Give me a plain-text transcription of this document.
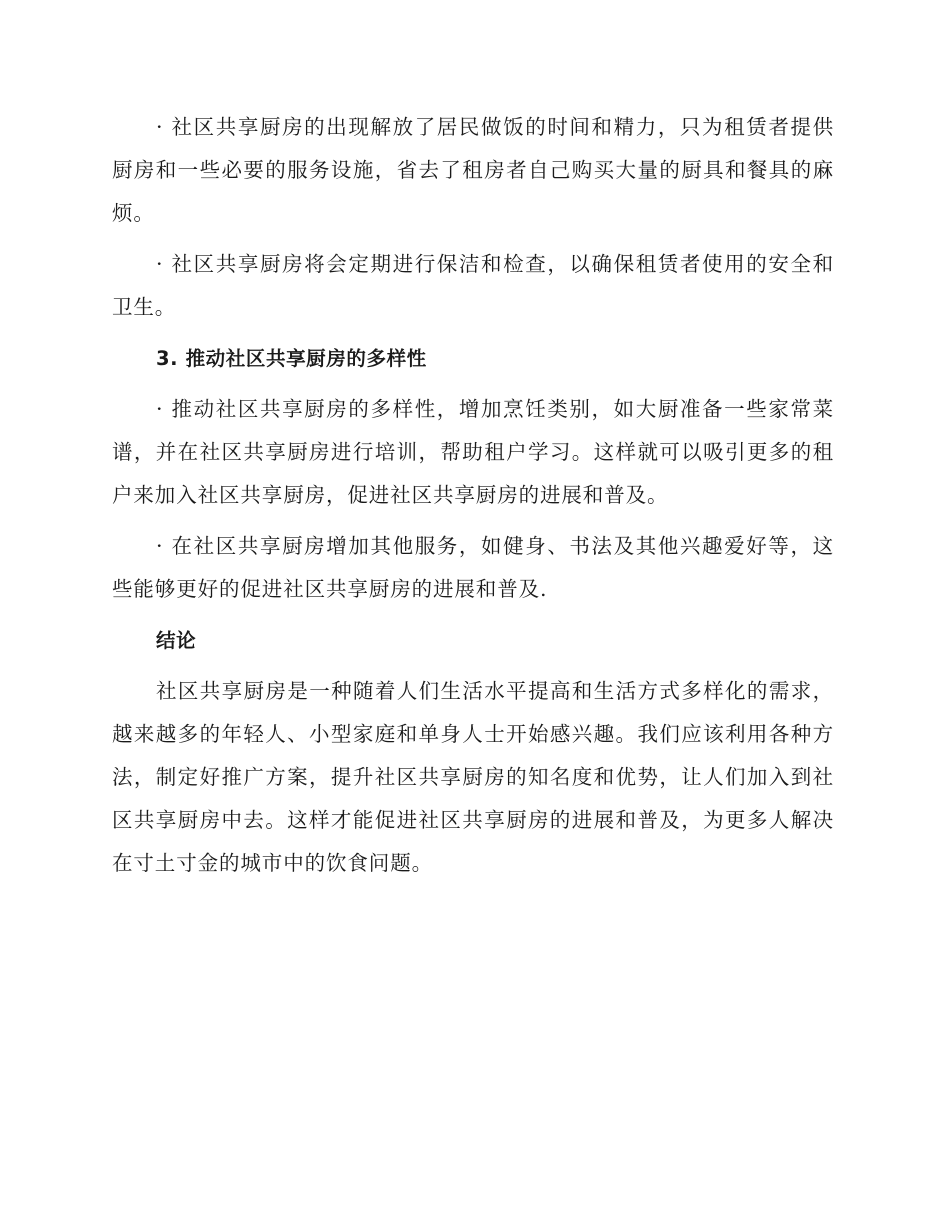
· 社区共享厨房的出现解放了居民做饭的时间和精力，只为租赁者提供厨房和一些必要的服务设施，省去了租房者自己购买大量的厨具和餐具的麻烦。

· 社区共享厨房将会定期进行保洁和检查，以确保租赁者使用的安全和卫生。

3. 推动社区共享厨房的多样性

· 推动社区共享厨房的多样性，增加烹饪类别，如大厨准备一些家常菜谱，并在社区共享厨房进行培训，帮助租户学习。这样就可以吸引更多的租户来加入社区共享厨房，促进社区共享厨房的进展和普及。

· 在社区共享厨房增加其他服务，如健身、书法及其他兴趣爱好等，这些能够更好的促进社区共享厨房的进展和普及.

结论

社区共享厨房是一种随着人们生活水平提高和生活方式多样化的需求，越来越多的年轻人、小型家庭和单身人士开始感兴趣。我们应该利用各种方法，制定好推广方案，提升社区共享厨房的知名度和优势，让人们加入到社区共享厨房中去。这样才能促进社区共享厨房的进展和普及，为更多人解决在寸土寸金的城市中的饮食问题。
